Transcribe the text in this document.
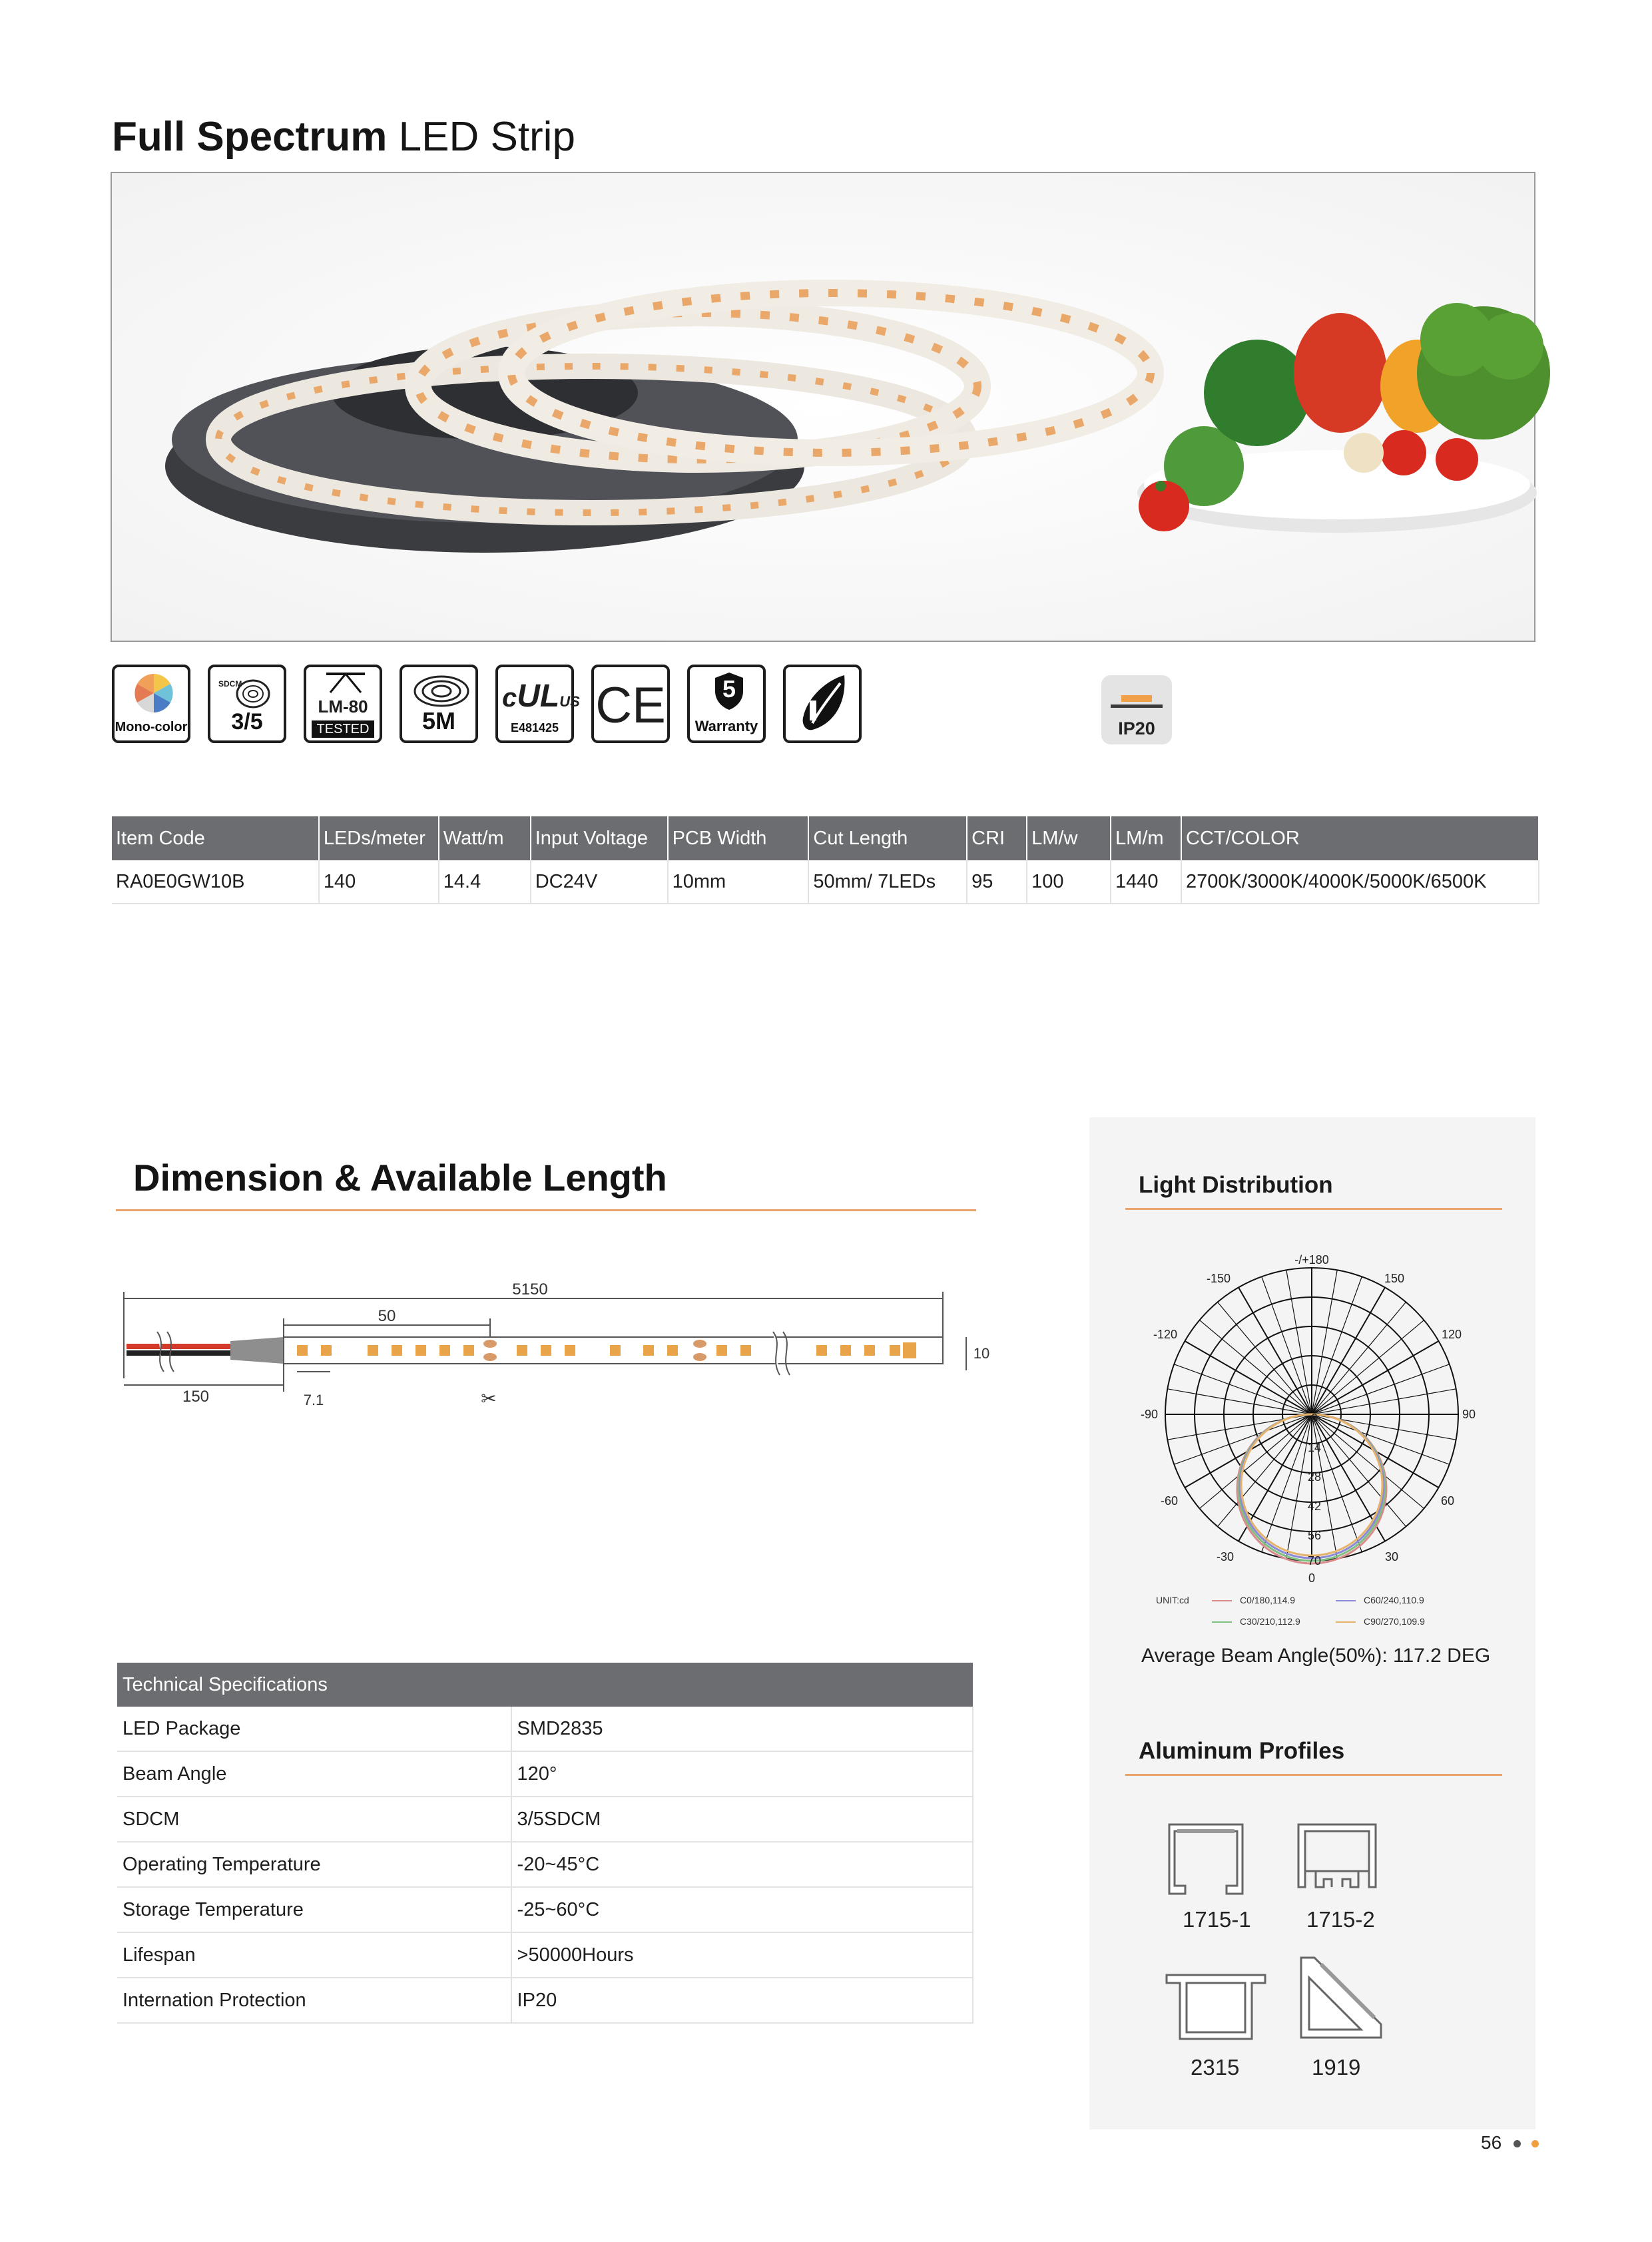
Full Spectrum LED Strip
Mono-color
SDCM
3/5
LM-80
TESTED	5M
cULUS
E481425 CE	5
Warranty	IP20
Item Code	LEDs/meter	Watt/m	Input Voltage	PCB Width	Cut Length	CRI	LM/w	LM/m	CCT/COLOR
RA0E0GW10B	140	14.4	DC24V	10mm	50mm/ 7LEDs	95	100	1440	2700K/3000K/4000K/5000K/6500K
Dimension & Available Length
✂
5150
50
150	7.1
10
Technical Specifications	
LED Package	SMD2835
Beam Angle	120°
SDCM	3/5SDCM
Operating Temperature	-20~45°C
Storage Temperature	-25~60°C
Lifespan	>50000Hours
Internation Protection	IP20
Light Distribution
-/+180
-150	150
-120	120
-90	90
-60	60
-30	30
0
0
14
28
42
56
70
UNIT:cd	C0/180,114.9	C60/240,110.9
C30/210,112.9	C90/270,109.9
Average Beam Angle(50%): 117.2 DEG
Aluminum Profiles
1715-1	1715-2
2315	1919
56
